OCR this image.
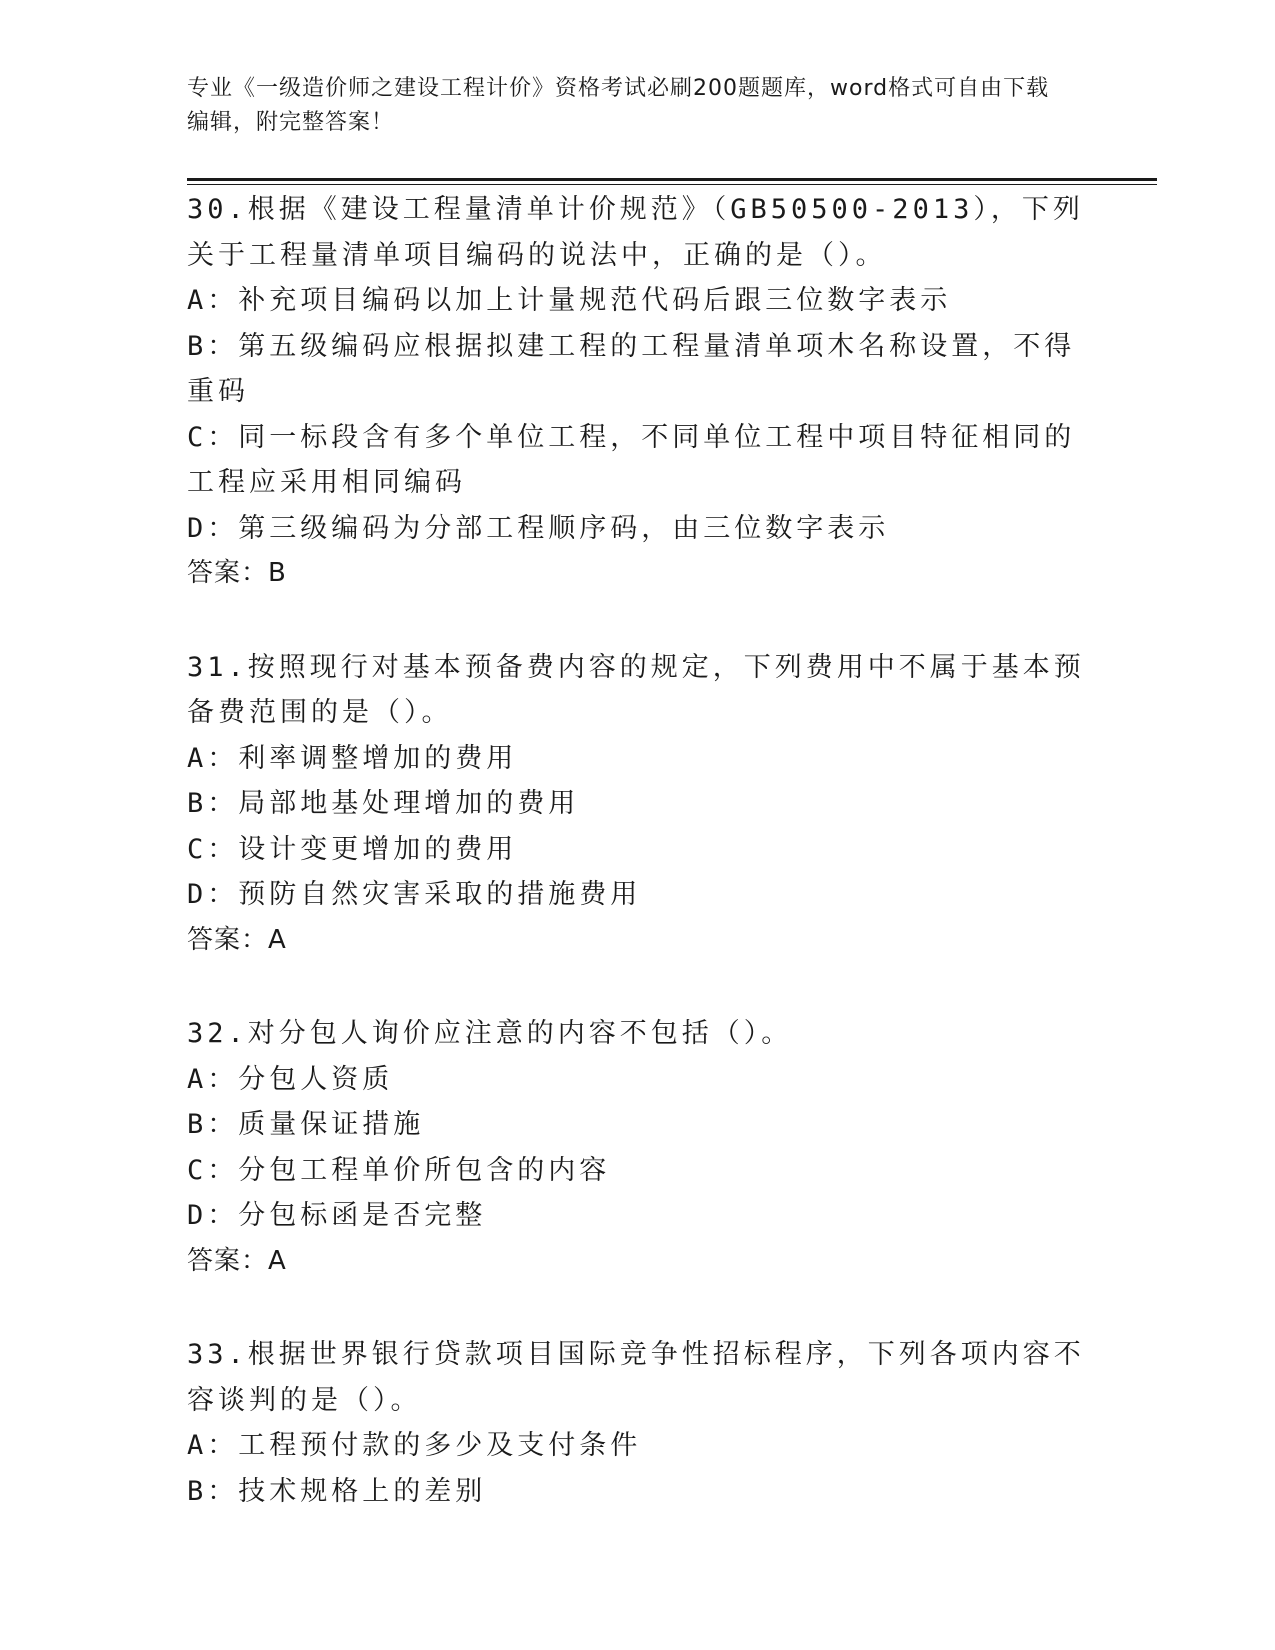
专业《一级造价师之建设工程计价》资格考试必刷200题题库，word格式可自由下载编辑，附完整答案！

30.根据《建设工程量清单计价规范》（GB50500-2013），下列关于工程量清单项目编码的说法中，正确的是（）。

A：补充项目编码以加上计量规范代码后跟三位数字表示

B：第五级编码应根据拟建工程的工程量清单项木名称设置，不得重码

C：同一标段含有多个单位工程，不同单位工程中项目特征相同的工程应采用相同编码

D：第三级编码为分部工程顺序码，由三位数字表示

答案：B

31.按照现行对基本预备费内容的规定，下列费用中不属于基本预备费范围的是（）。

A：利率调整增加的费用

B：局部地基处理增加的费用

C：设计变更增加的费用

D：预防自然灾害采取的措施费用

答案：A

32.对分包人询价应注意的内容不包括（）。

A：分包人资质

B：质量保证措施

C：分包工程单价所包含的内容

D：分包标函是否完整

答案：A

33.根据世界银行贷款项目国际竞争性招标程序，下列各项内容不容谈判的是（）。

A：工程预付款的多少及支付条件

B：技术规格上的差别
